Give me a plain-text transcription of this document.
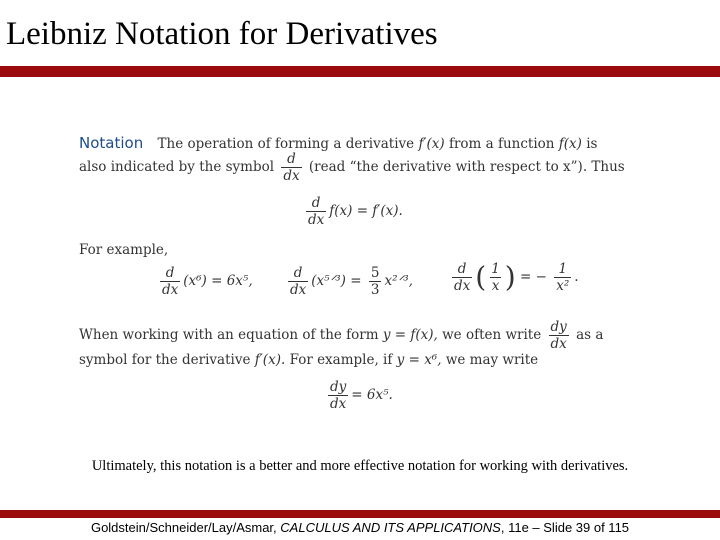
Leibniz Notation for Derivatives
Notation The operation of forming a derivative f′(x) from a function f(x) is
also indicated by the symbol $\frac{d}{dx}$ (read “the derivative with respect to x”). Thus
$\frac{d}{dx} f(x) = f'(x)$.
For example,
$\frac{d}{dx} (x^6) = 6x^5$,	$\frac{d}{dx}$ (x⁵ᐟ³) = $\frac{5}{3}$ x²ᐟ³,	$\frac{d}{dx}$ ( $\frac{1}{x}$ ) = − $\frac{1}{\text{x²}}$ .
When working with an equation of the form y = f(x), we often write $\frac{dy}{dx}$ as a
symbol for the derivative f′(x). For example, if y = x⁶, we may write
$\frac{dy}{dx} = 6x^5$.
Ultimately, this notation is a better and more effective notation for working with derivatives.
Goldstein/Schneider/Lay/Asmar, CALCULUS AND ITS APPLICATIONS, 11e – Slide 39 of 115
